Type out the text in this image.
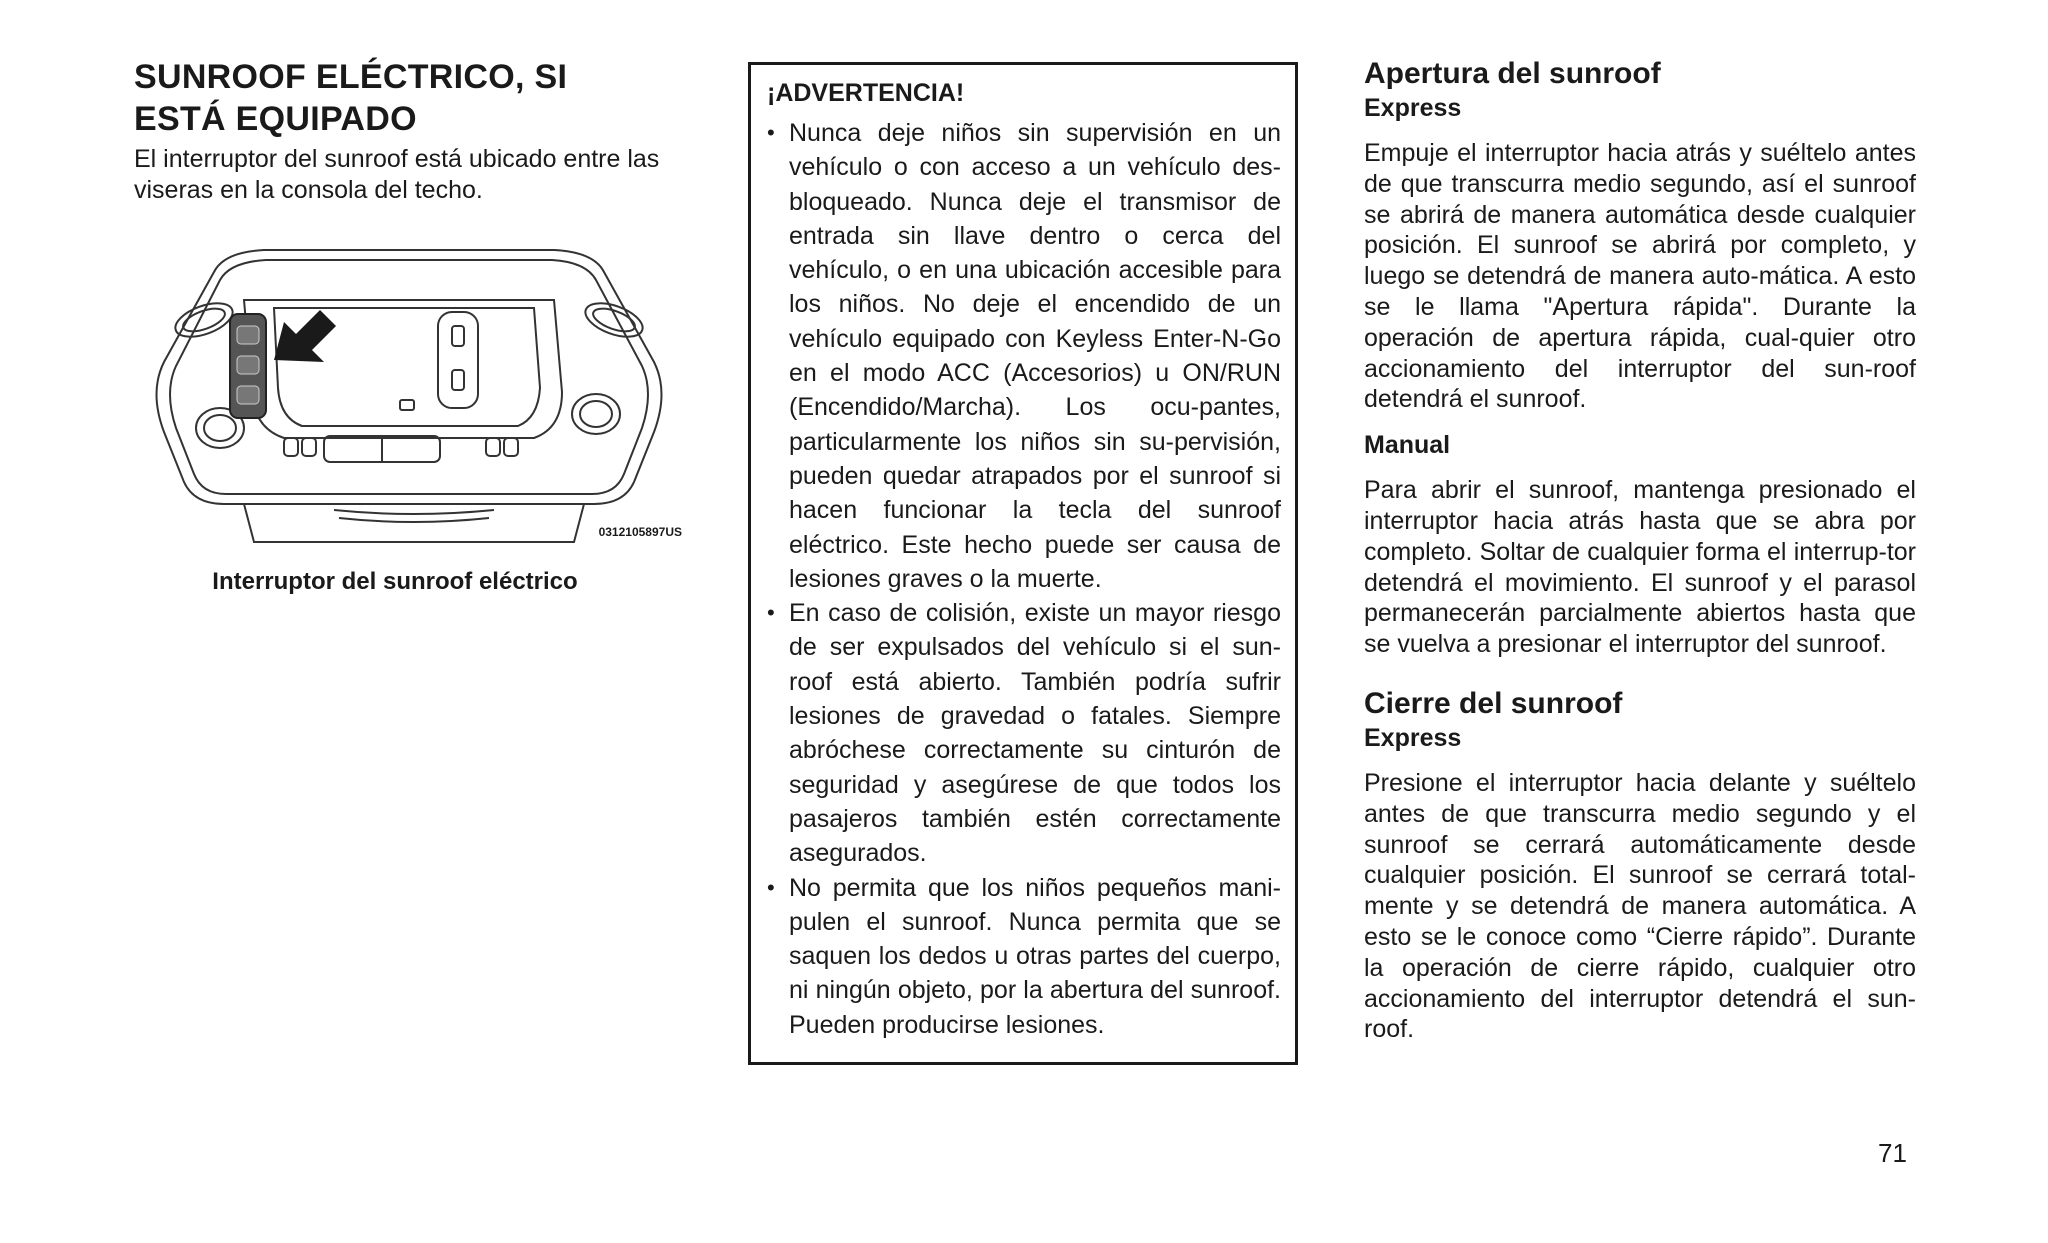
SUNROOF ELÉCTRICO, SI
ESTÁ EQUIPADO

El interruptor del sunroof está ubicado entre las viseras en la consola del techo.

0312105897US
Interruptor del sunroof eléctrico
¡ADVERTENCIA!
• Nunca deje niños sin supervisión en un vehículo o con acceso a un vehículo des-bloqueado. Nunca deje el transmisor de entrada sin llave dentro o cerca del vehículo, o en una ubicación accesible para los niños. No deje el encendido de un vehículo equipado con Keyless Enter-N-Go en el modo ACC (Accesorios) u ON/RUN (Encendido/Marcha). Los ocu-pantes, particularmente los niños sin su-pervisión, pueden quedar atrapados por el sunroof si hacen funcionar la tecla del sunroof eléctrico. Este hecho puede ser causa de lesiones graves o la muerte.
• En caso de colisión, existe un mayor riesgo de ser expulsados del vehículo si el sun-roof está abierto. También podría sufrir lesiones de gravedad o fatales. Siempre abróchese correctamente su cinturón de seguridad y asegúrese de que todos los pasajeros también estén correctamente asegurados.
• No permita que los niños pequeños mani-pulen el sunroof. Nunca permita que se saquen los dedos u otras partes del cuerpo, ni ningún objeto, por la abertura del sunroof. Pueden producirse lesiones.
Apertura del sunroof
Express

Empuje el interruptor hacia atrás y suéltelo antes de que transcurra medio segundo, así el sunroof se abrirá de manera automática desde cualquier posición. El sunroof se abrirá por completo, y luego se detendrá de manera auto-mática. A esto se le llama "Apertura rápida". Durante la operación de apertura rápida, cual-quier otro accionamiento del interruptor del sun-roof detendrá el sunroof.

Manual

Para abrir el sunroof, mantenga presionado el interruptor hacia atrás hasta que se abra por completo. Soltar de cualquier forma el interrup-tor detendrá el movimiento. El sunroof y el parasol permanecerán parcialmente abiertos hasta que se vuelva a presionar el interruptor del sunroof.

Cierre del sunroof
Express

Presione el interruptor hacia delante y suéltelo antes de que transcurra medio segundo y el sunroof se cerrará automáticamente desde cualquier posición. El sunroof se cerrará total-mente y se detendrá de manera automática. A esto se le conoce como “Cierre rápido”. Durante la operación de cierre rápido, cualquier otro accionamiento del interruptor detendrá el sun-roof.

71
